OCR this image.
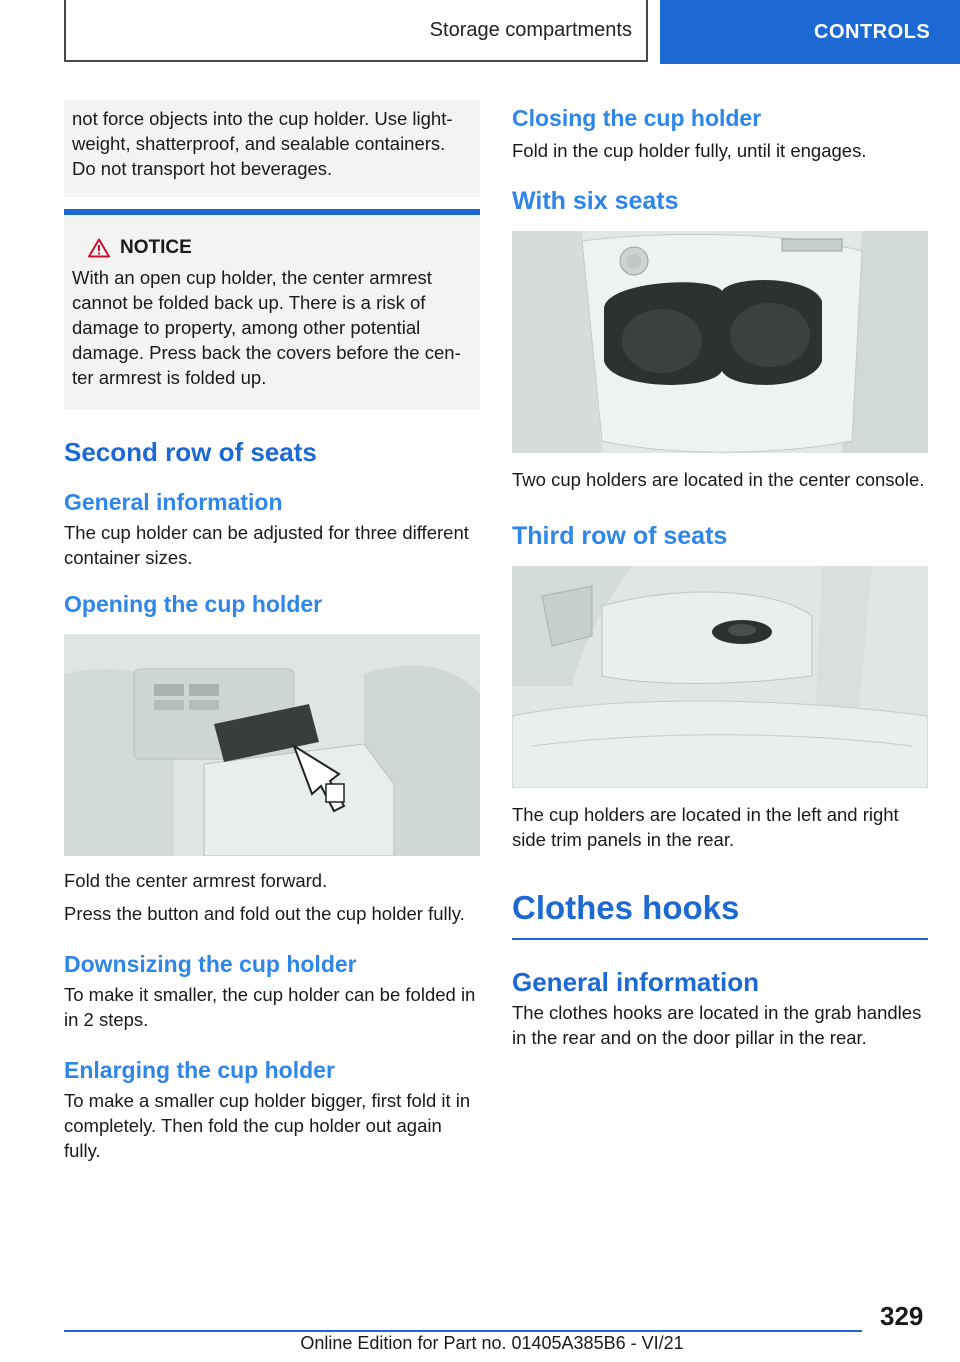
Storage compartments	CONTROLS

not force objects into the cup holder. Use lightweight, shatterproof, and sealable containers. Do not transport hot beverages.

NOTICE

With an open cup holder, the center armrest cannot be folded back up. There is a risk of damage to property, among other potential damage. Press back the covers before the center armrest is folded up.

Second row of seats
General information

The cup holder can be adjusted for three different container sizes.

Opening the cup holder

Fold the center armrest forward.

Press the button and fold out the cup holder fully.

Downsizing the cup holder

To make it smaller, the cup holder can be folded in in 2 steps.

Enlarging the cup holder

To make a smaller cup holder bigger, first fold it in completely. Then fold the cup holder out again fully.

Closing the cup holder

Fold in the cup holder fully, until it engages.

With six seats

Two cup holders are located in the center console.

Third row of seats

The cup holders are located in the left and right side trim panels in the rear.

Clothes hooks
General information

The clothes hooks are located in the grab handles in the rear and on the door pillar in the rear.

329
Online Edition for Part no. 01405A385B6 - VI/21
